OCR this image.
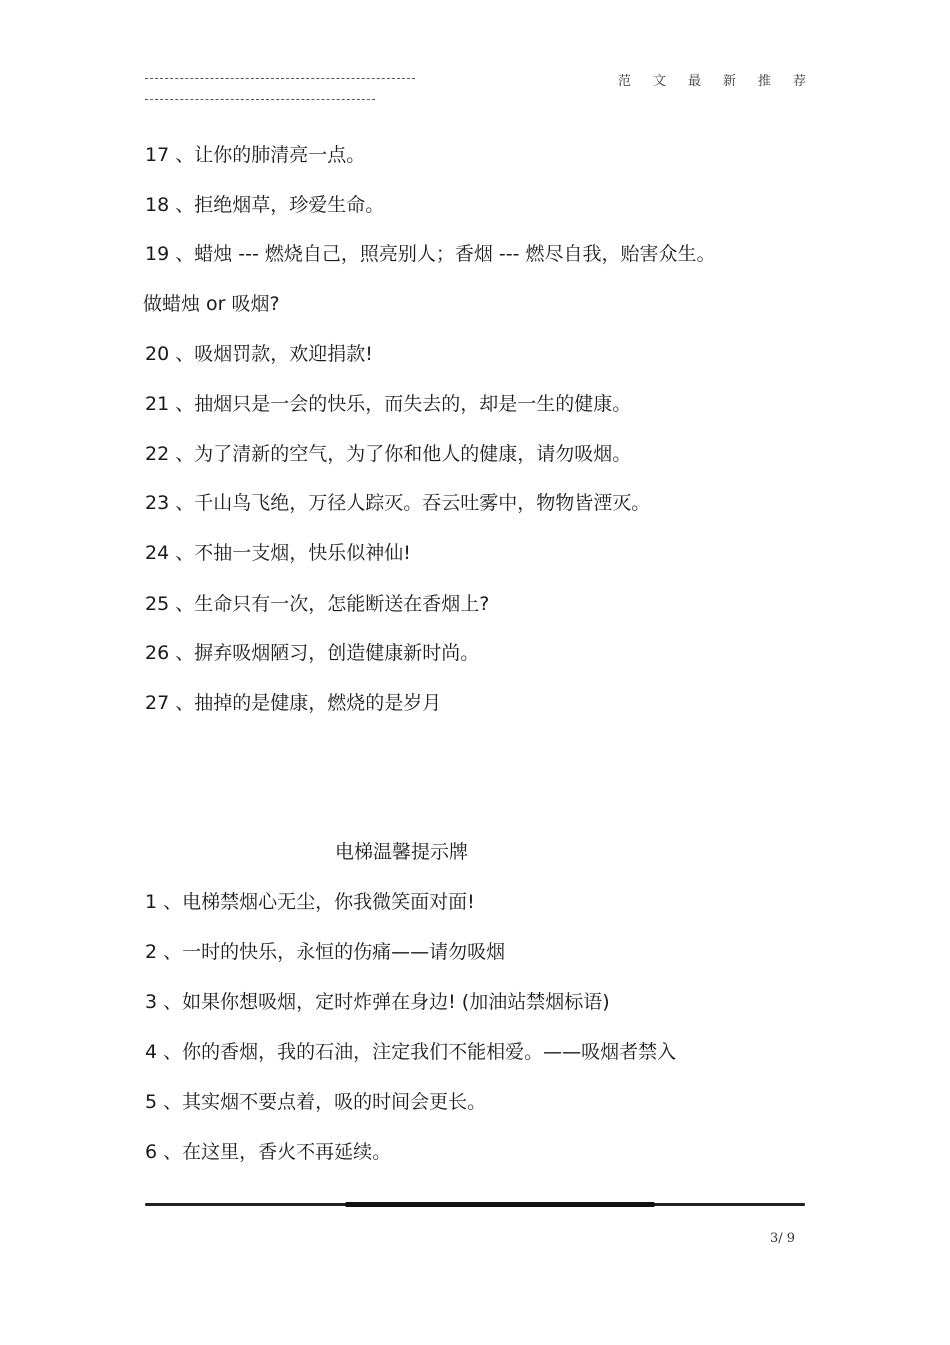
范文最新推荐
17 、让你的肺清亮一点。
18 、拒绝烟草，珍爱生命。
19 、蜡烛 --- 燃烧自己，照亮别人；香烟 --- 燃尽自我，贻害众生。
做蜡烛 or 吸烟?
20 、吸烟罚款，欢迎捐款!
21 、抽烟只是一会的快乐，而失去的，却是一生的健康。
22 、为了清新的空气，为了你和他人的健康，请勿吸烟。
23 、千山鸟飞绝，万径人踪灭。吞云吐雾中，物物皆湮灭。
24 、不抽一支烟，快乐似神仙!
25 、生命只有一次，怎能断送在香烟上?
26 、摒弃吸烟陋习，创造健康新时尚。
27 、抽掉的是健康，燃烧的是岁月
电梯温馨提示牌
1 、电梯禁烟心无尘，你我微笑面对面!
2 、一时的快乐，永恒的伤痛——请勿吸烟
3 、如果你想吸烟，定时炸弹在身边! (加油站禁烟标语)
4 、你的香烟，我的石油，注定我们不能相爱。——吸烟者禁入
5 、其实烟不要点着，吸的时间会更长。
6 、在这里，香火不再延续。
3/ 9
